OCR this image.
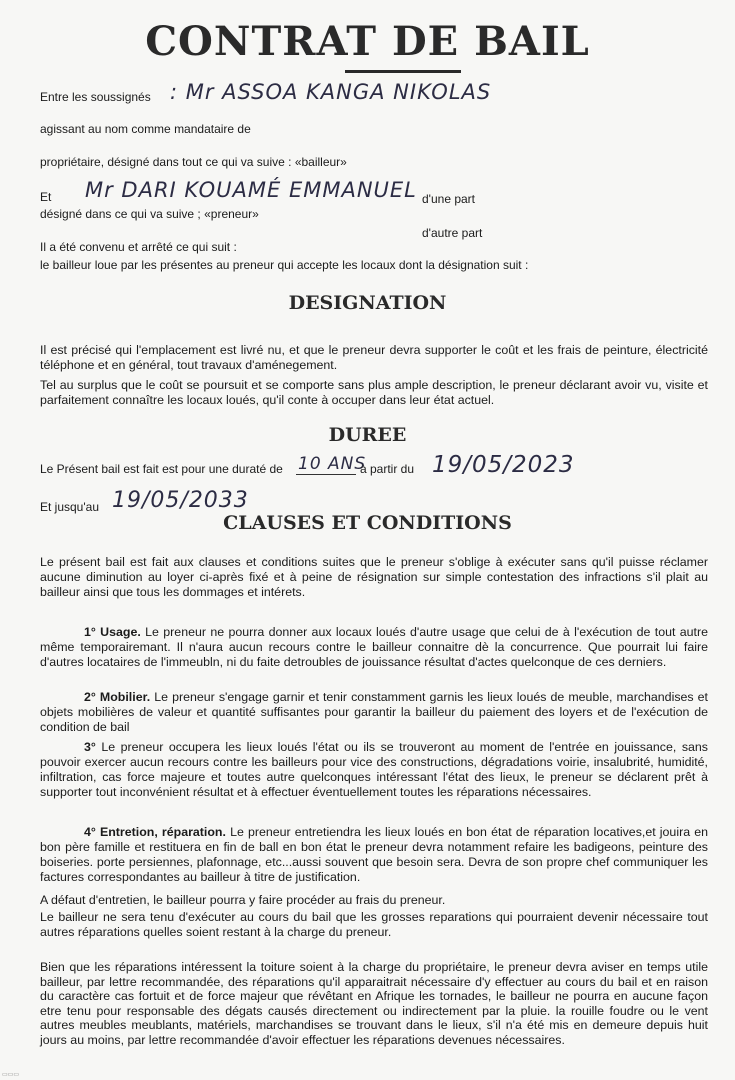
CONTRAT DE BAIL
Entre les soussignés : Mr ASSOA KANGA NIKOLAS
agissant au nom comme mandataire de
propriétaire, désigné dans tout ce qui va suive : «bailleur»
Et Mr DARI KOUAMÉ EMMANUEL d'une part
désigné dans ce qui va suive ; «preneur»
d'autre part
Il a été convenu et arrêté ce qui suit :
le bailleur loue par les présentes au preneur qui accepte les locaux dont la désignation suit :
DESIGNATION
Il est précisé qui l'emplacement est livré nu, et que le preneur devra supporter le coût et les frais de peinture, électricité téléphone et en général, tout travaux d'aménegement.
Tel au surplus que le coût se poursuit et se comporte sans plus ample description, le preneur déclarant avoir vu, visite et parfaitement connaître les locaux loués, qu'il conte à occuper dans leur état actuel.
DUREE
Le Présent bail est fait est pour une duraté de 10 ANS
à partir du 19/05/2023
Et jusqu'au 19/05/2033
CLAUSES ET CONDITIONS
Le présent bail est fait aux clauses et conditions suites que le preneur s'oblige à exécuter sans qu'il puisse réclamer aucune diminution au loyer ci-après fixé et à peine de résignation sur simple contestation des infractions s'il plait au bailleur ainsi que tous les dommages et intérets.
1° Usage. Le preneur ne pourra donner aux locaux loués d'autre usage que celui de à l'exécution de tout autre même temporairemant. Il n'aura aucun recours contre le bailleur connaitre dè la concurrence. Que pourrait lui faire d'autres locataires de l'immeubln, ni du faite detroubles de jouissance résultat d'actes quelconque de ces derniers.
2° Mobilier. Le preneur s'engage garnir et tenir constamment garnis les lieux loués de meuble, marchandises et objets mobilières de valeur et quantité suffisantes pour garantir la bailleur du paiement des loyers et de l'exécution de condition de bail
3° Le preneur occupera les lieux loués l'état ou ils se trouveront au moment de l'entrée en jouissance, sans pouvoir exercer aucun recours contre les bailleurs pour vice des constructions, dégradations voirie, insalubrité, humidité, infiltration, cas force majeure et toutes autre quelconques intéressant l'état des lieux, le preneur se déclarent prêt à supporter tout inconvénient résultat et à effectuer éventuellement toutes les réparations nécessaires.
4° Entretion, réparation. Le preneur entretiendra les lieux loués en bon état de réparation locatives,et jouira en bon père famille et restituera en fin de ball en bon état le preneur devra notamment refaire les badigeons, peinture des boiseries. porte persiennes, plafonnage, etc...aussi souvent que besoin sera. Devra de son propre chef communiquer les factures correspondantes au bailleur à titre de justification.
A défaut d'entretien, le bailleur pourra y faire procéder au frais du preneur.
Le bailleur ne sera tenu d'exécuter au cours du bail que les grosses reparations qui pourraient devenir nécessaire tout autres réparations quelles soient restant à la charge du preneur.
Bien que les réparations intéressent la toiture soient à la charge du propriétaire, le preneur devra aviser en temps utile bailleur, par lettre recommandée, des réparations qu'il apparaitrait nécessaire d'y effectuer au cours du bail et en raison du caractère cas fortuit et de force majeur que révêtant en Afrique les tornades, le bailleur ne pourra en aucune façon etre tenu pour responsable des dégats causés directement ou indirectement par la pluie. la rouille foudre ou le vent autres meubles meublants, matériels, marchandises se trouvant dans le lieux, s'il n'a été mis en demeure depuis huit jours au moins, par lettre recommandée d'avoir effectuer les réparations devenues nécessaires.
▭▭▭
